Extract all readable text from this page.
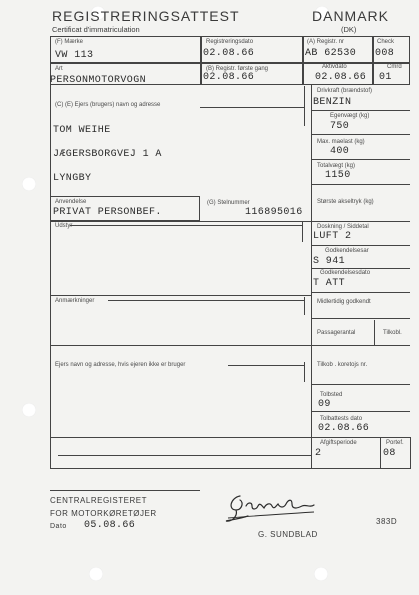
REGISTRERINGSATTEST
Certificat d'immatriculation
DANMARK
(DK)
(F) Mærke
VW 113
Registreringsdato
02.08.66
(A) Registr. nr
AB 62530
Check
008
Art
PERSONMOTORVOGN
(B) Registr. første gang
02.08.66
Aktivdato
02.08.66
Cmrd
01
(C) (E) Ejers (brugers) navn og adresse
TOM WEIHE
JÆGERSBORGVEJ 1 A
LYNGBY
Drivkraft (brændstof)
BENZIN
Egenvægt (kg)
750
Max. maelast (kg)
400
Totalvægt (kg)
1150
Største akseltryk (kg)
Doskning / Siddetal
LUFT 2
Godkendelsesar
S 941
Godkendelsesdato
T ATT
Midlertidig godkendt
Passagerantal	Tilkobl.
Tilkob . koretojs nr.
Tolbsted
09
Tolbattests dato
02.08.66
Anvendelse
PRIVAT PERSONBEF.
(G) Stelnummer
116895016
Udstyr
Anmærkninger
Ejers navn og adresse, hvis ejeren ikke er bruger
Afgiftsperiode
2
Portef.
08
CENTRALREGISTERET
FOR MOTORKØRETØJER
Dato 05.08.66
G. SUNDBLAD
383D
